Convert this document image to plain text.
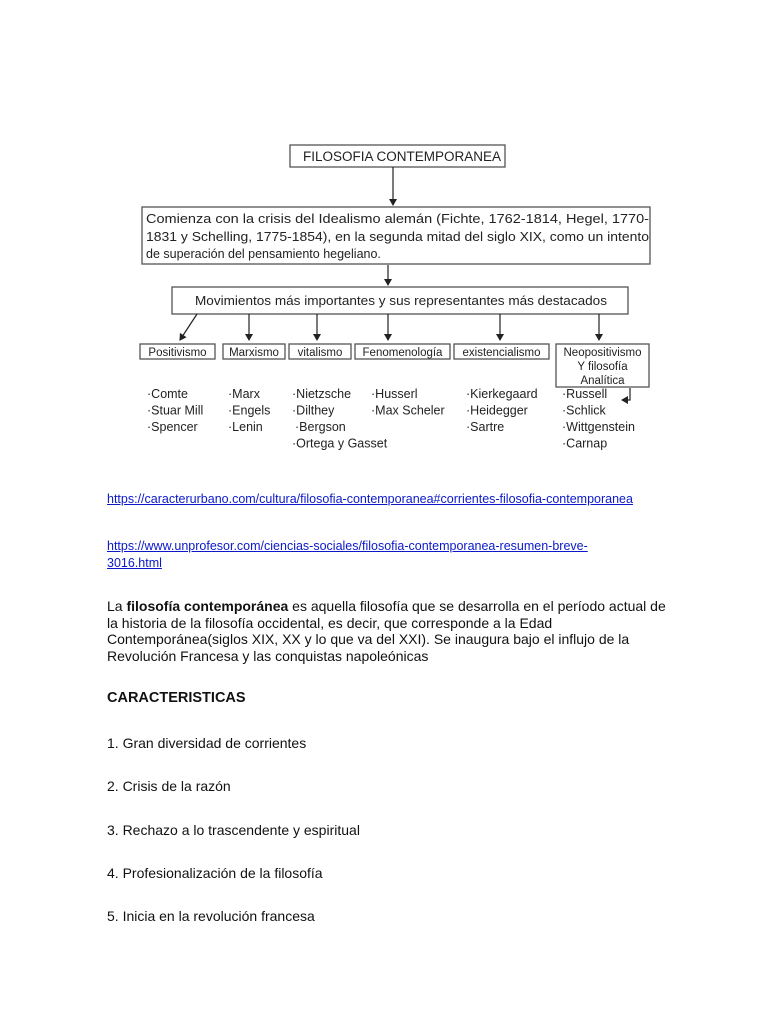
FILOSOFIA CONTEMPORANEA
Comienza con la crisis del Idealismo alemán (Fichte, 1762-1814, Hegel, 1770-
1831 y Schelling, 1775-1854), en la segunda mitad del siglo XIX, como un intento
de superación del pensamiento hegeliano.
Movimientos más importantes y sus representantes más destacados
Positivismo
·Comte
·Stuar Mill
·Spencer
Marxismo
·Marx
·Engels
·Lenin
vitalismo
·Nietzsche
·Dilthey
·Bergson
·Ortega y Gasset
Fenomenología
·Husserl
·Max Scheler
existencialismo
·Kierkegaard
·Heidegger
·Sartre
Neopositivismo
Y filosofía
Analítica
·Russell
·Schlick
·Wittgenstein
·Carnap
https://caracterurbano.com/cultura/filosofia-contemporanea#corrientes-filosofia-contemporanea
https://www.unprofesor.com/ciencias-sociales/filosofia-contemporanea-resumen-breve-
3016.html

La filosofía contemporánea es aquella filosofía que se desarrolla en el período actual de la historia de la filosofía occidental, es decir, que corresponde a la Edad Contemporánea(siglos XIX, XX y lo que va del XXI). Se inaugura bajo el influjo de la Revolución Francesa y las conquistas napoleónicas

CARACTERISTICAS

1. Gran diversidad de corrientes

2. Crisis de la razón

3. Rechazo a lo trascendente y espiritual

4. Profesionalización de la filosofía

5. Inicia en la revolución francesa
